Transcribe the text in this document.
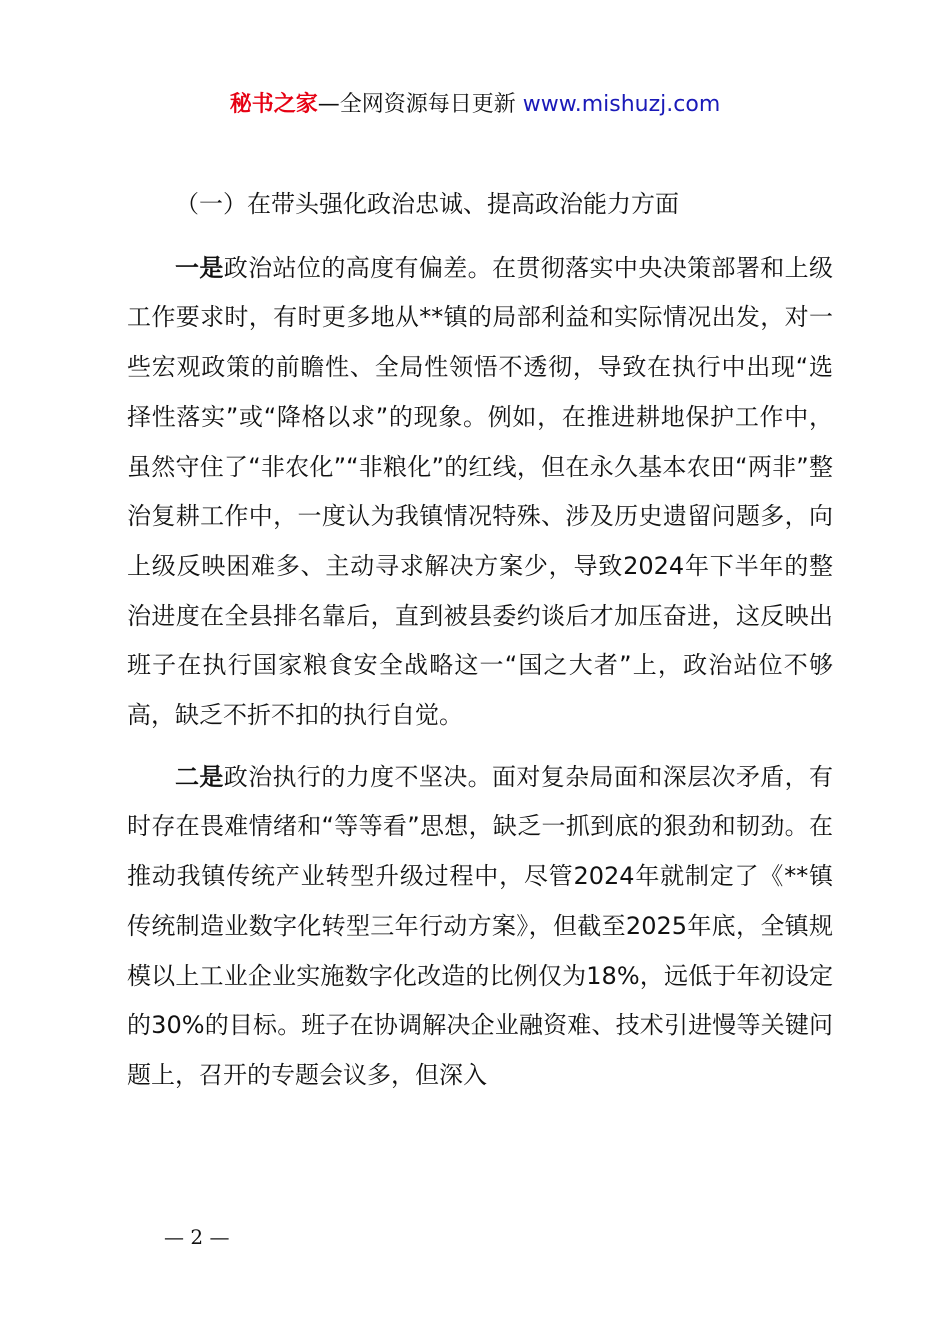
秘书之家—全网资源每日更新 www.mishuzj.com

（一）在带头强化政治忠诚、提高政治能力方面

一是政治站位的高度有偏差。在贯彻落实中央决策部署和上级工作要求时，有时更多地从**镇的局部利益和实际情况出发，对一些宏观政策的前瞻性、全局性领悟不透彻，导致在执行中出现“选择性落实”或“降格以求”的现象。例如，在推进耕地保护工作中，虽然守住了“非农化”“非粮化”的红线，但在永久基本农田“两非”整治复耕工作中，一度认为我镇情况特殊、涉及历史遗留问题多，向上级反映困难多、主动寻求解决方案少，导致2024年下半年的整治进度在全县排名靠后，直到被县委约谈后才加压奋进，这反映出班子在执行国家粮食安全战略这一“国之大者”上，政治站位不够高，缺乏不折不扣的执行自觉。

二是政治执行的力度不坚决。面对复杂局面和深层次矛盾，有时存在畏难情绪和“等等看”思想，缺乏一抓到底的狠劲和韧劲。在推动我镇传统产业转型升级过程中，尽管2024年就制定了《**镇传统制造业数字化转型三年行动方案》，但截至2025年底，全镇规模以上工业企业实施数字化改造的比例仅为18%，远低于年初设定的30%的目标。班子在协调解决企业融资难、技术引进慢等关键问题上，召开的专题会议多，但深入

— 2 —
